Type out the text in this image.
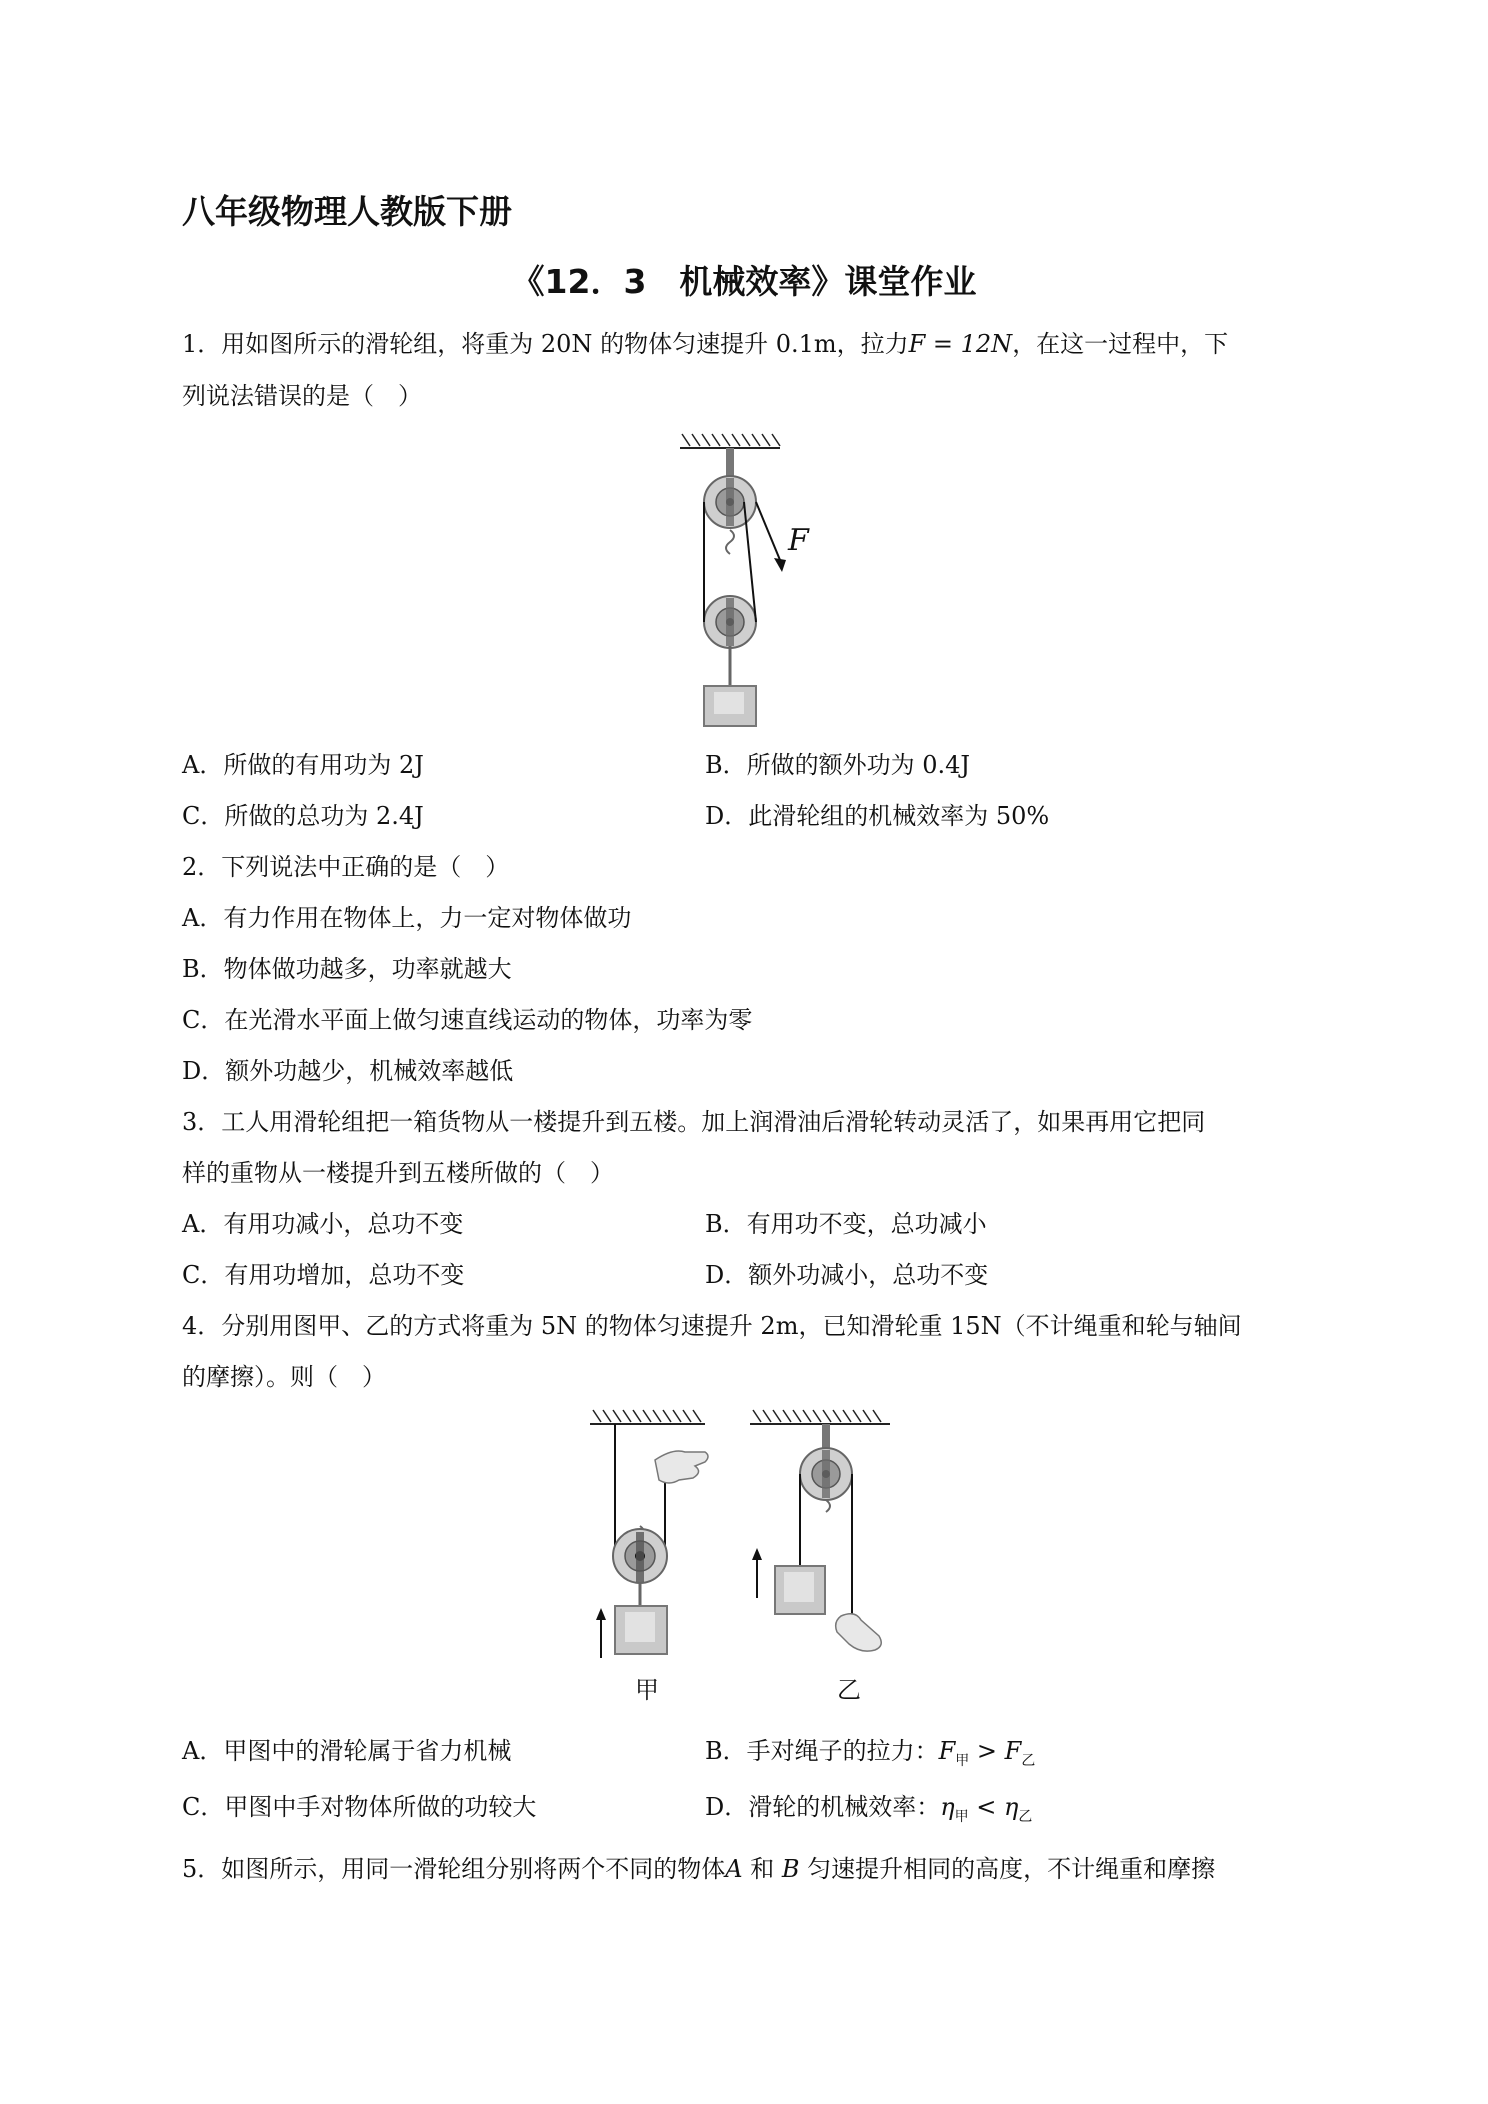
八年级物理人教版下册
《12．3　机械效率》课堂作业
1．用如图所示的滑轮组，将重为 20N 的物体匀速提升 0.1m，拉力F = 12N，在这一过程中，下
列说法错误的是（　）
F
A．所做的有用功为 2J	B．所做的额外功为 0.4J
C．所做的总功为 2.4J	D．此滑轮组的机械效率为 50%
2．下列说法中正确的是（　）
A．有力作用在物体上，力一定对物体做功
B．物体做功越多，功率就越大
C．在光滑水平面上做匀速直线运动的物体，功率为零
D．额外功越少，机械效率越低
3．工人用滑轮组把一箱货物从一楼提升到五楼。加上润滑油后滑轮转动灵活了，如果再用它把同
样的重物从一楼提升到五楼所做的（　）
A．有用功减小，总功不变	B．有用功不变，总功减小
C．有用功增加，总功不变	D．额外功减小，总功不变
4．分别用图甲、乙的方式将重为 5N 的物体匀速提升 2m，已知滑轮重 15N（不计绳重和轮与轴间
的摩擦）。则（　）
甲	乙
A．甲图中的滑轮属于省力机械	B．手对绳子的拉力：$F_甲 > F_乙$
C．甲图中手对物体所做的功较大	D．滑轮的机械效率：$\eta_甲 < \eta_乙$
5．如图所示，用同一滑轮组分别将两个不同的物体A 和 B 匀速提升相同的高度，不计绳重和摩擦
